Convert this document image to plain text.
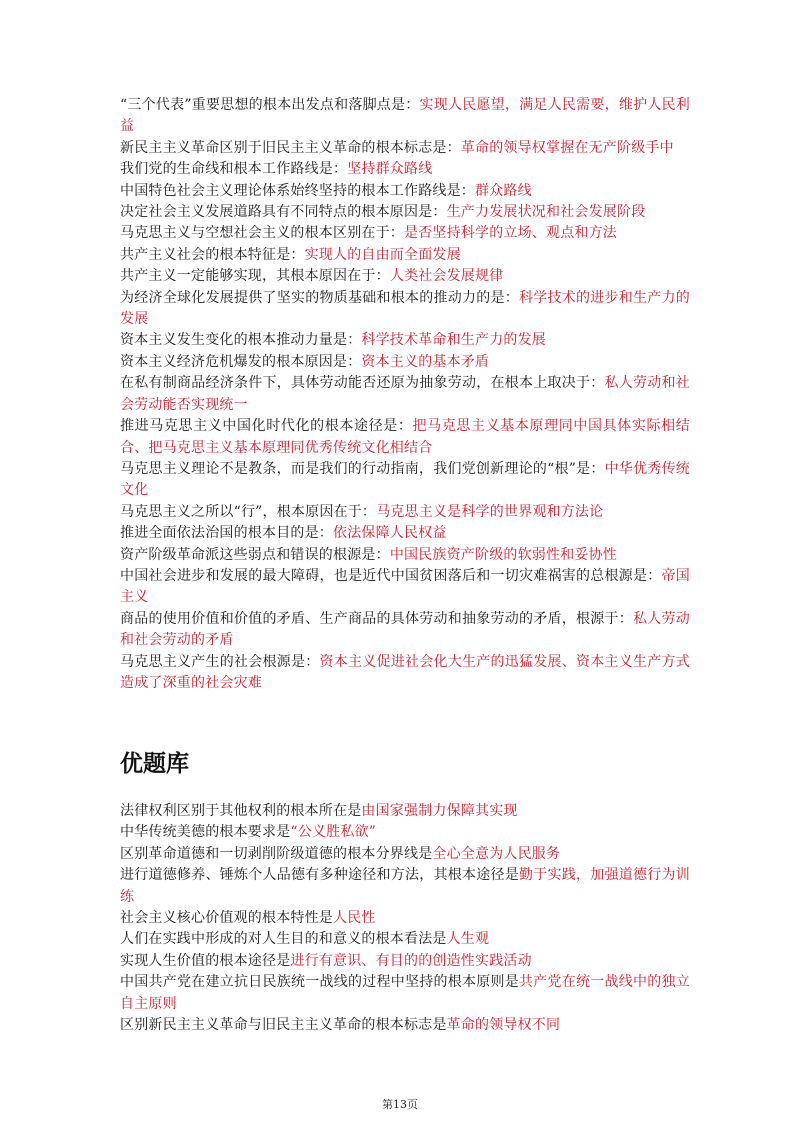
“三个代表”重要思想的根本出发点和落脚点是：实现人民愿望，满足人民需要，维护人民利益

新民主主义革命区别于旧民主主义革命的根本标志是：革命的领导权掌握在无产阶级手中

我们党的生命线和根本工作路线是：坚持群众路线

中国特色社会主义理论体系始终坚持的根本工作路线是：群众路线

决定社会主义发展道路具有不同特点的根本原因是：生产力发展状况和社会发展阶段

马克思主义与空想社会主义的根本区别在于：是否坚持科学的立场、观点和方法

共产主义社会的根本特征是：实现人的自由而全面发展

共产主义一定能够实现，其根本原因在于：人类社会发展规律

为经济全球化发展提供了坚实的物质基础和根本的推动力的是：科学技术的进步和生产力的发展

资本主义发生变化的根本推动力量是：科学技术革命和生产力的发展

资本主义经济危机爆发的根本原因是：资本主义的基本矛盾

在私有制商品经济条件下，具体劳动能否还原为抽象劳动，在根本上取决于：私人劳动和社会劳动能否实现统一

推进马克思主义中国化时代化的根本途径是：把马克思主义基本原理同中国具体实际相结合、把马克思主义基本原理同优秀传统文化相结合

马克思主义理论不是教条，而是我们的行动指南，我们党创新理论的“根”是：中华优秀传统文化

马克思主义之所以“行”，根本原因在于：马克思主义是科学的世界观和方法论

推进全面依法治国的根本目的是：依法保障人民权益

资产阶级革命派这些弱点和错误的根源是：中国民族资产阶级的软弱性和妥协性

中国社会进步和发展的最大障碍，也是近代中国贫困落后和一切灾难祸害的总根源是：帝国主义

商品的使用价值和价值的矛盾、生产商品的具体劳动和抽象劳动的矛盾，根源于：私人劳动和社会劳动的矛盾

马克思主义产生的社会根源是：资本主义促进社会化大生产的迅猛发展、资本主义生产方式造成了深重的社会灾难

优题库

法律权利区别于其他权利的根本所在是由国家强制力保障其实现

中华传统美德的根本要求是“公义胜私欲”

区别革命道德和一切剥削阶级道德的根本分界线是全心全意为人民服务

进行道德修养、锤炼个人品德有多种途径和方法，其根本途径是勤于实践，加强道德行为训练

社会主义核心价值观的根本特性是人民性

人们在实践中形成的对人生目的和意义的根本看法是人生观

实现人生价值的根本途径是进行有意识、有目的的创造性实践活动

中国共产党在建立抗日民族统一战线的过程中坚持的根本原则是共产党在统一战线中的独立自主原则

区别新民主主义革命与旧民主主义革命的根本标志是革命的领导权不同

第13页
